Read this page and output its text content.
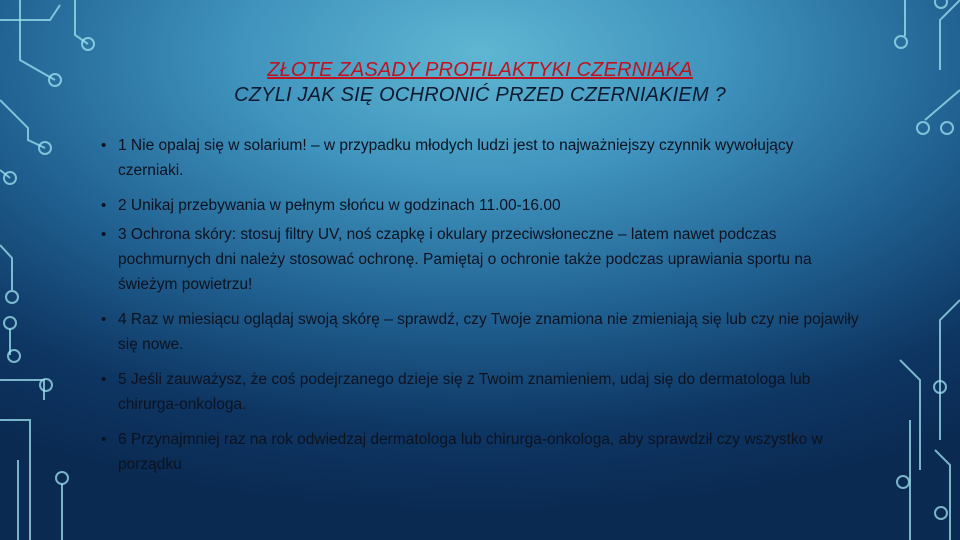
ZŁOTE ZASADY PROFILAKTYKI CZERNIAKA
CZYLI JAK SIĘ OCHRONIĆ PRZED CZERNIAKIEM ?
• 1 Nie opalaj się w solarium! – w przypadku młodych ludzi jest to najważniejszy czynnik wywołujący czerniaki.
• 2 Unikaj przebywania w pełnym słońcu w godzinach 11.00-16.00
• 3 Ochrona skóry: stosuj filtry UV, noś czapkę i okulary przeciwsłoneczne – latem nawet podczas pochmurnych dni należy stosować ochronę. Pamiętaj o ochronie także podczas uprawiania sportu na świeżym powietrzu!
• 4 Raz w miesiącu oglądaj swoją skórę – sprawdź, czy Twoje znamiona nie zmieniają się lub czy nie pojawiły się nowe.
• 5 Jeśli zauważysz, że coś podejrzanego dzieje się z Twoim znamieniem, udaj się do dermatologa lub chirurga-onkologa.
• 6 Przynajmniej raz na rok odwiedzaj dermatologa lub chirurga-onkologa, aby sprawdził czy wszystko w porządku
